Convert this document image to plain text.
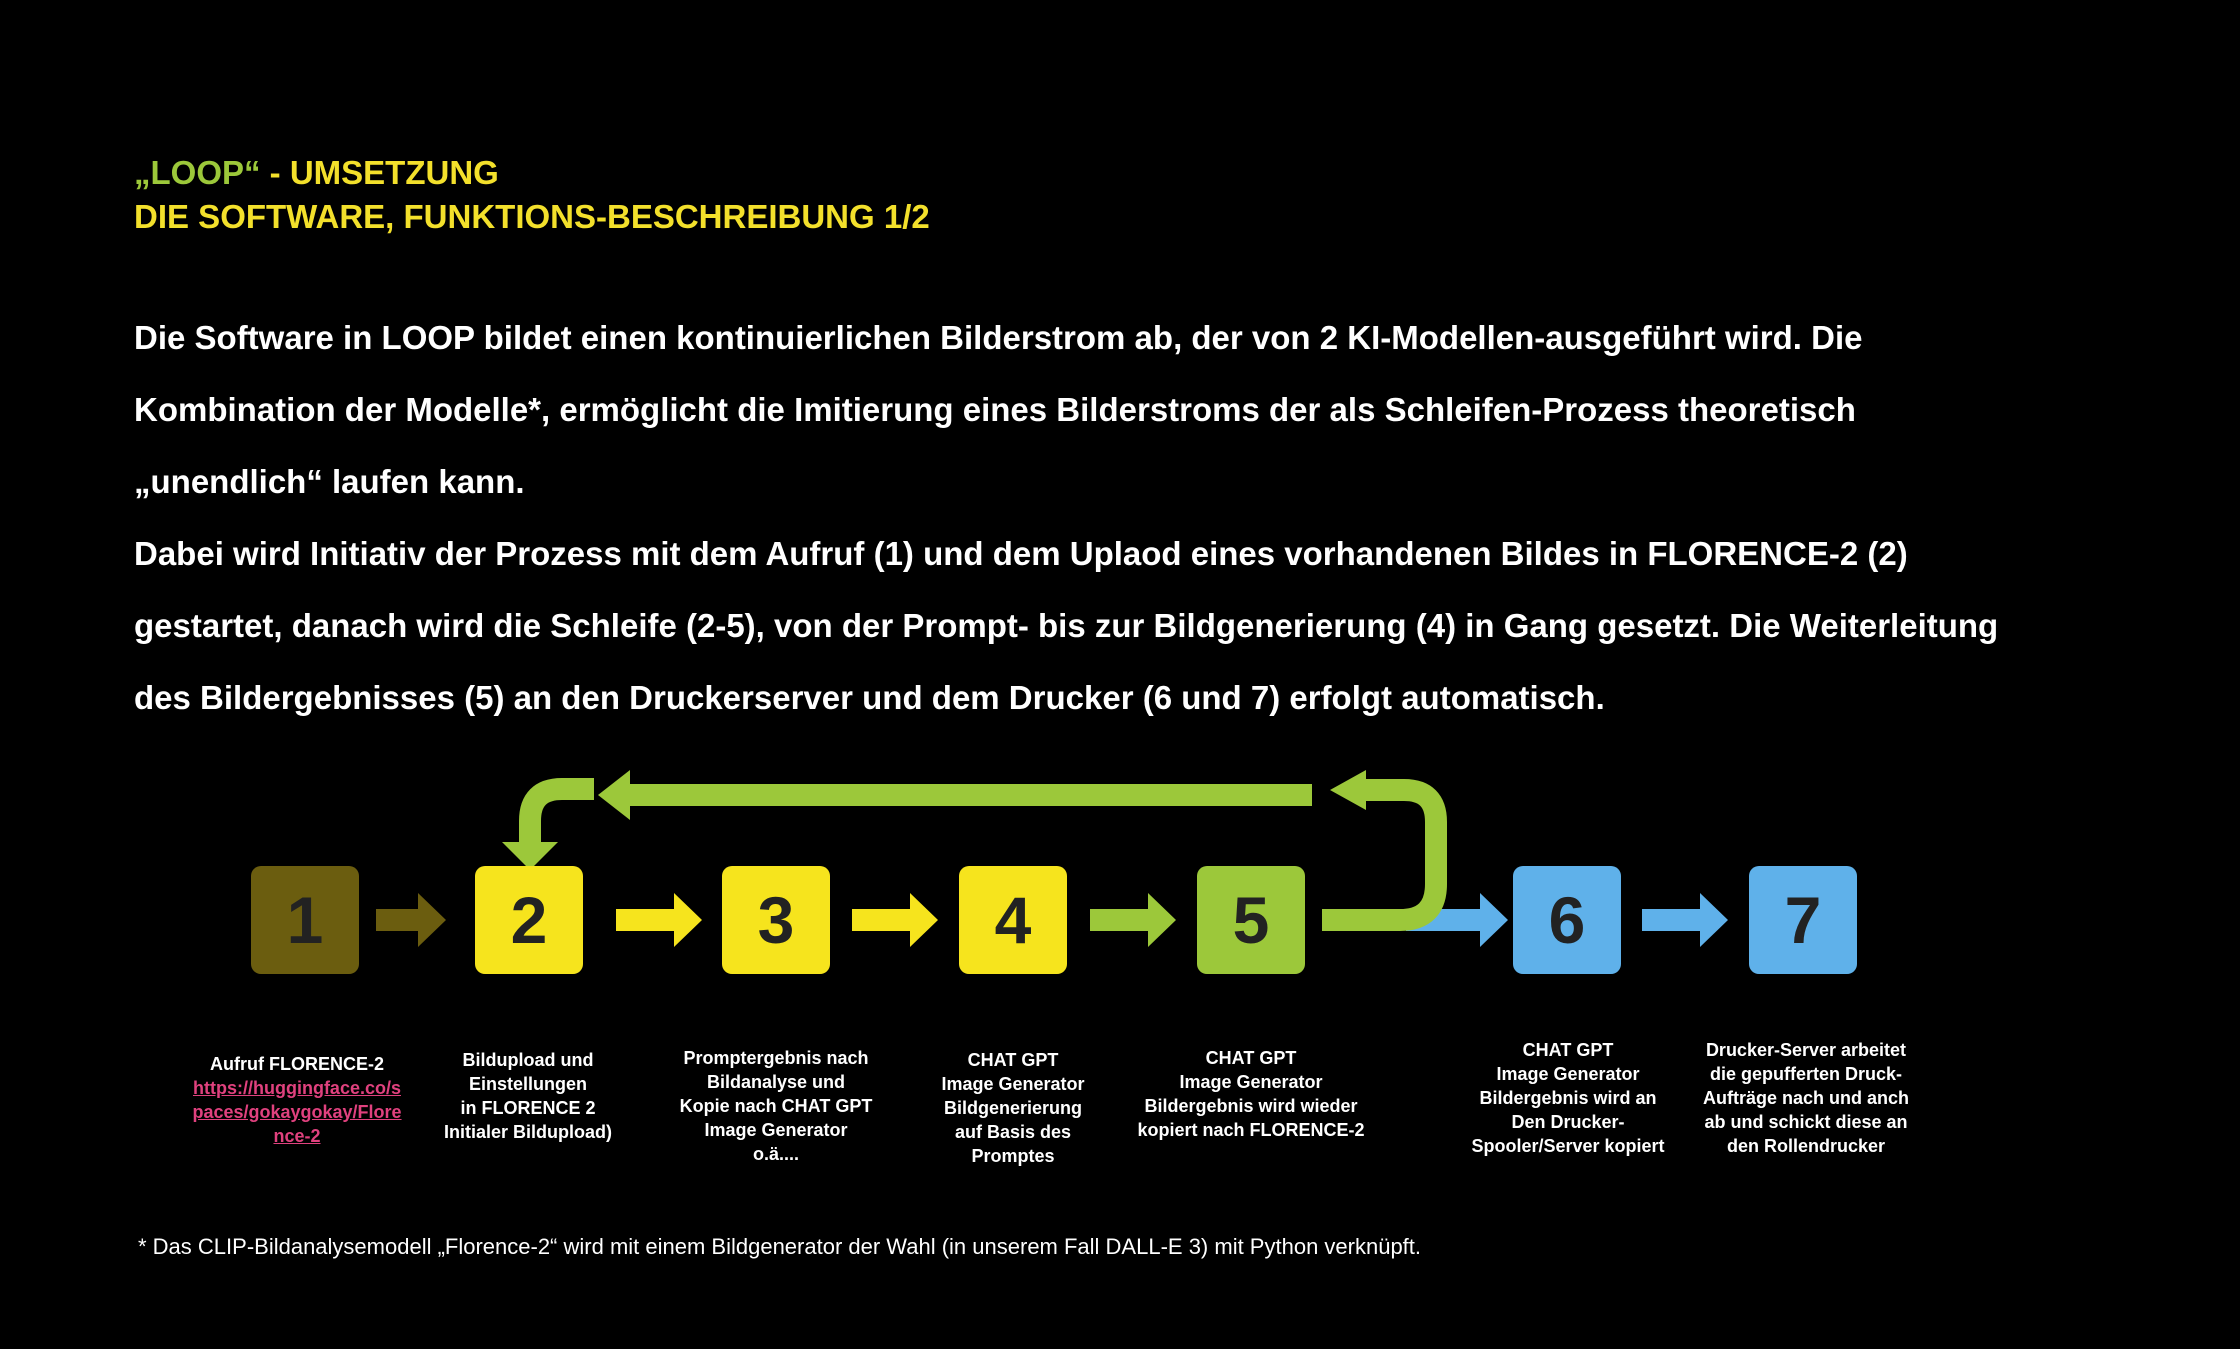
„LOOP“ - UMSETZUNG
DIE SOFTWARE, FUNKTIONS-BESCHREIBUNG 1/2
Die Software in LOOP bildet einen kontinuierlichen Bilderstrom ab, der von 2 KI-Modellen-ausgeführt wird. Die
Kombination der Modelle*, ermöglicht die Imitierung eines Bilderstroms der als Schleifen-Prozess theoretisch
„unendlich“ laufen kann.
Dabei wird Initiativ der Prozess mit dem Aufruf (1) und dem Uplaod eines vorhandenen Bildes in FLORENCE-2 (2)
gestartet, danach wird die Schleife (2-5), von der Prompt- bis zur Bildgenerierung (4) in Gang gesetzt. Die Weiterleitung
des Bildergebnisses (5) an den Druckerserver und dem Drucker (6 und 7) erfolgt automatisch.
1	2	3	4	5	6	7
Aufruf FLORENCE-2
https://huggingface.co/s
paces/gokaygokay/Flore
nce-2
Bildupload und
Einstellungen
in FLORENCE 2
Initialer Bildupload)
Promptergebnis nach
Bildanalyse und
Kopie nach CHAT GPT
Image Generator
o.ä....
CHAT GPT
Image Generator
Bildgenerierung
auf Basis des
Promptes
CHAT GPT
Image Generator
Bildergebnis wird wieder
kopiert nach FLORENCE-2
CHAT GPT
Image Generator
Bildergebnis wird an
Den Drucker-
Spooler/Server kopiert
Drucker-Server arbeitet
die gepufferten Druck-
Aufträge nach und anch
ab und schickt diese an
den Rollendrucker
* Das CLIP-Bildanalysemodell „Florence-2“ wird mit einem Bildgenerator der Wahl (in unserem Fall DALL-E 3) mit Python verknüpft.
